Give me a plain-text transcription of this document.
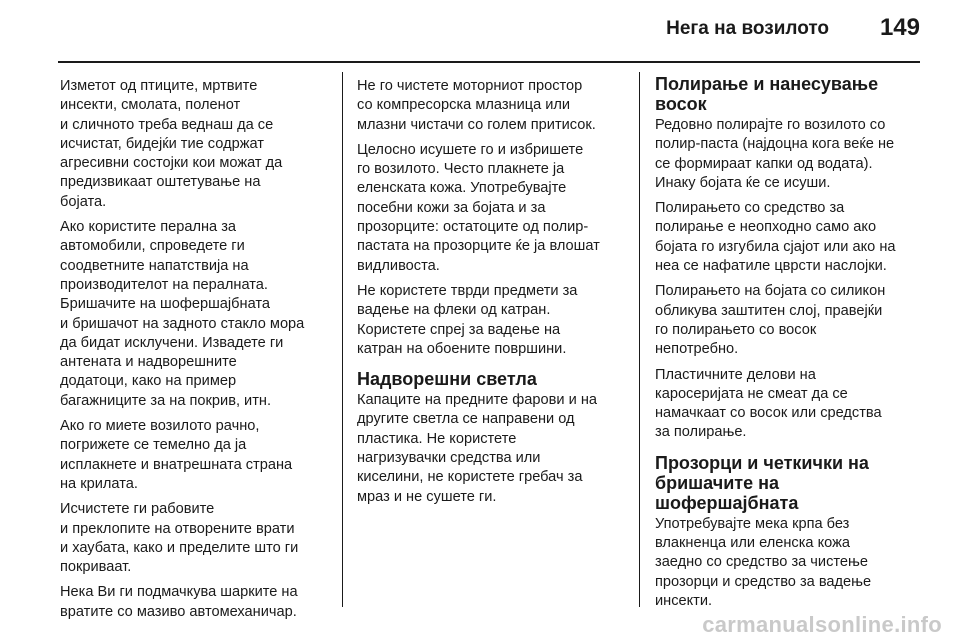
Нега на возилото 149

Изметот од птиците, мртвите
инсекти, смолата, поленот
и сличното треба веднаш да се
исчистат, бидејќи тие содржат
агресивни состојки кои можат да
предизвикаат оштетување на
бојата.

Ако користите перална за
автомобили, спроведете ги
соодветните напатствија на
производителот на пералната.
Бришачите на шофершајбната
и бришачот на задното стакло мора
да бидат исклучени. Извадете ги
антената и надворешните
додатоци, како на пример
багажниците за на покрив, итн.

Ако го миете возилото рачно,
погрижете се темелно да ја
исплакнете и внатрешната страна
на крилата.

Исчистете ги рабовите
и преклопите на отворените врати
и хаубата, како и пределите што ги
покриваат.

Нека Ви ги подмачкува шарките на
вратите со мазиво автомеханичар.

Не го чистете моторниот простор
со компресорска млазница или
млазни чистачи со голем притисок.

Целосно исушете го и избришете
го возилото. Често плакнете ја
еленската кожа. Употребувајте
посебни кожи за бојата и за
прозорците: остатоците од полир-
пастата на прозорците ќе ја влошат
видливоста.

Не користете тврди предмети за
вадење на флеки од катран.
Користете спреј за вадење на
катран на обоените површини.

Надворешни светла

Капаците на предните фарови и на
другите светла се направени од
пластика. Не користете
нагризувачки средства или
киселини, не користете гребач за
мраз и не сушете ги.

Полирање и нанесување
восок

Редовно полирајте го возилото со
полир-паста (најдоцна кога веќе не
се формираат капки од водата).
Инаку бојата ќе се исуши.

Полирањето со средство за
полирање е неопходно само ако
бојата го изгубила сјајот или ако на
неа се нафатиле цврсти наслојки.

Полирањето на бојата со силикон
обликува заштитен слој, правејќи
го полирањето со восок
непотребно.

Пластичните делови на
каросеријата не смеат да се
намачкаат со восок или средства
за полирање.

Прозорци и четкички на
бришачите на
шофершајбната

Употребувајте мека крпа без
влакненца или еленска кожа
заедно со средство за чистење
прозорци и средство за вадење
инсекти.

carmanualsonline.info
